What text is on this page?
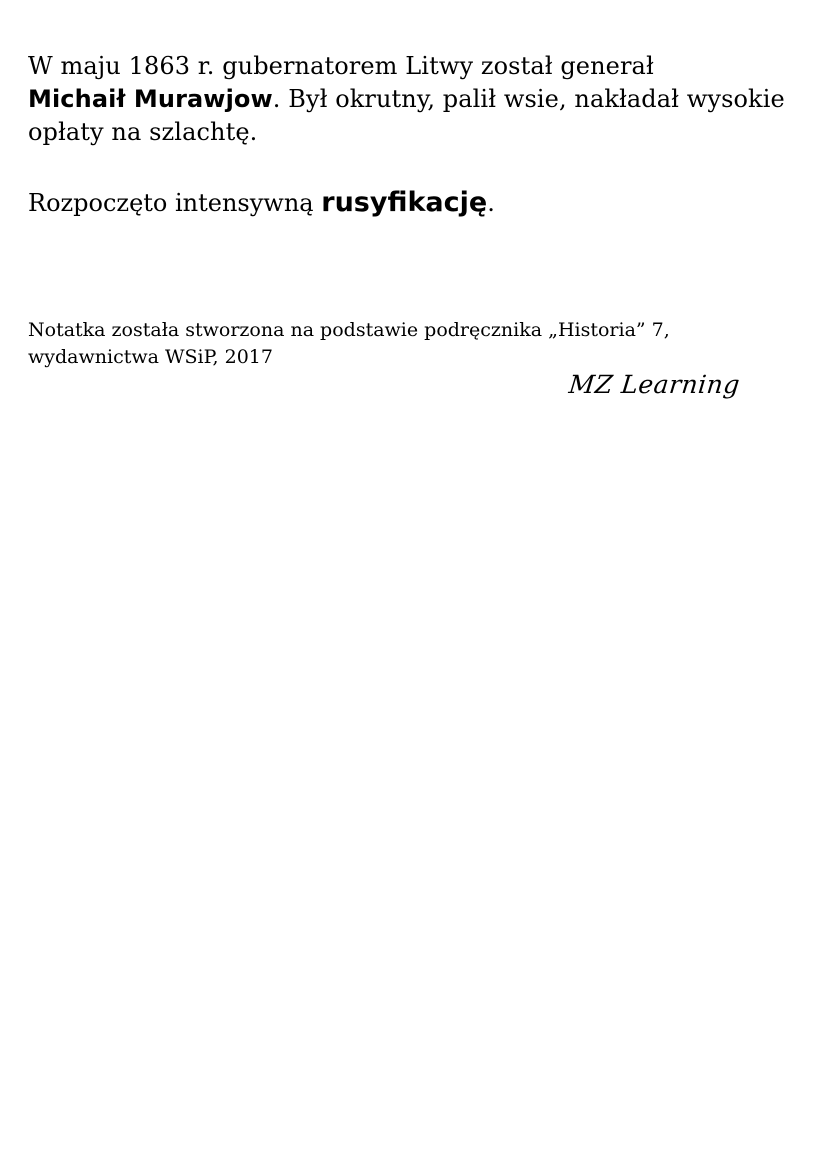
W maju 1863 r. gubernatorem Litwy został generał
Michaił Murawjow. Był okrutny, palił wsie, nakładał wysokie opłaty na szlachtę.

Rozpoczęto intensywną rusyfikację.

Notatka została stworzona na podstawie podręcznika „Historia” 7,
wydawnictwa WSiP, 2017

MZ Learning
